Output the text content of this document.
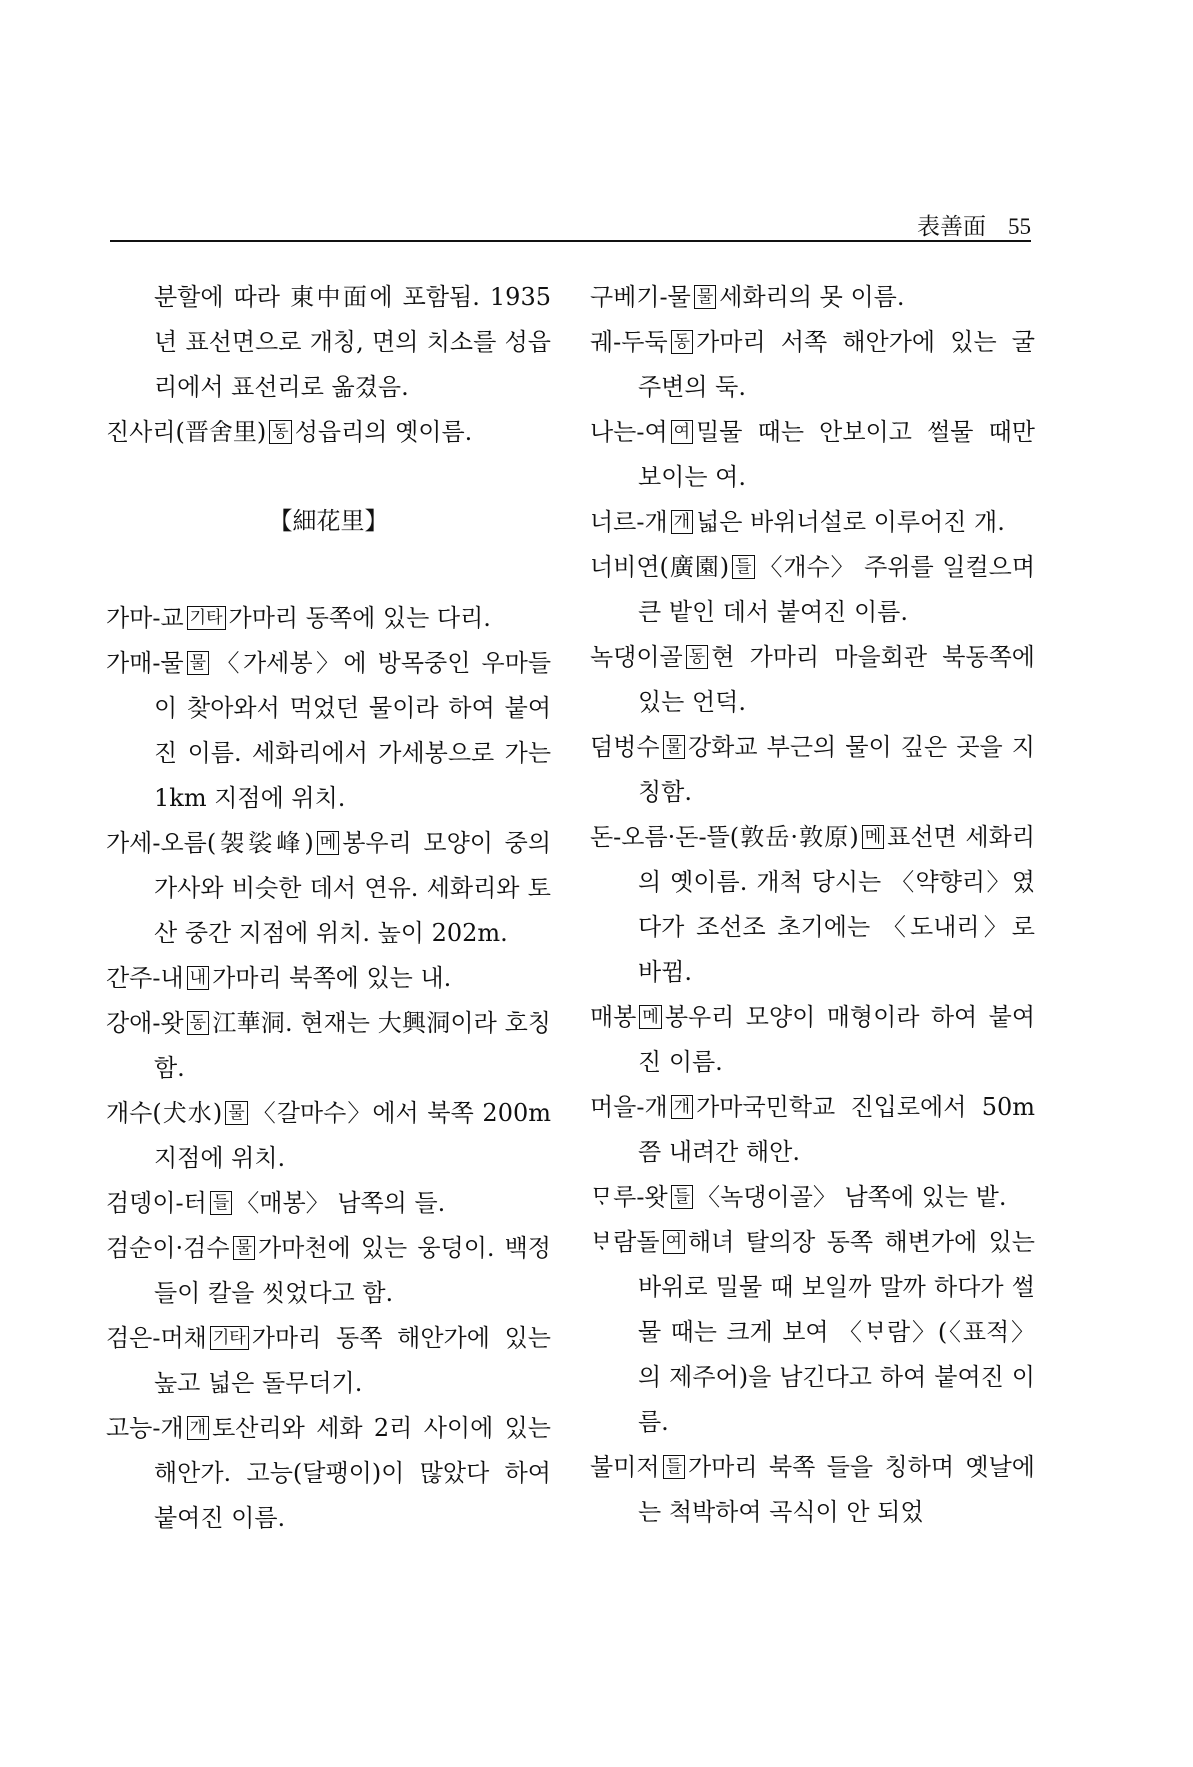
表善面 55

분할에 따라 東中面에 포함됨. 1935년 표선면으로 개칭, 면의 치소를 성읍리에서 표선리로 옮겼음.

진사리(晋舍里) 동 성읍리의 옛이름.

【細花里】

가마-교 기타 가마리 동쪽에 있는 다리.

가매-물 물 〈가세봉〉에 방목중인 우마들이 찾아와서 먹었던 물이라 하여 붙여진 이름. 세화리에서 가세봉으로 가는 1km 지점에 위치.

가세-오름(袈裟峰) 메 봉우리 모양이 중의 가사와 비슷한 데서 연유. 세화리와 토산 중간 지점에 위치. 높이 202m.

간주-내 내 가마리 북쪽에 있는 내.

강애-왓 동 江華洞. 현재는 大興洞이라 호칭함.

개수(犬水) 물 〈갈마수〉에서 북쪽 200m 지점에 위치.

검뎅이-터 들 〈매봉〉 남쪽의 들.

검순이·검수 물 가마천에 있는 웅덩이. 백정들이 칼을 씻었다고 함.

검은-머채 기타 가마리 동쪽 해안가에 있는 높고 넓은 돌무더기.

고능-개 개 토산리와 세화 2리 사이에 있는 해안가. 고능(달팽이)이 많았다 하여 붙여진 이름.

구베기-물 물 세화리의 못 이름.

궤-두둑 동 가마리 서쪽 해안가에 있는 굴 주변의 둑.

나는-여 여 밀물 때는 안보이고 썰물 때만 보이는 여.

너르-개 개 넓은 바위너설로 이루어진 개.

너비연(廣園) 들 〈개수〉 주위를 일컬으며 큰 밭인 데서 붙여진 이름.

녹댕이골 동 현 가마리 마을회관 북동쪽에 있는 언덕.

덤벙수 물 강화교 부근의 물이 깊은 곳을 지칭함.

돈-오름·돈-뜰(敦岳·敦原) 메 표선면 세화리의 옛이름. 개척 당시는 〈약향리〉였다가 조선조 초기에는 〈도내리〉로 바뀜.

매봉 메 봉우리 모양이 매형이라 하여 붙여진 이름.

머을-개 개 가마국민학교 진입로에서 50m쯤 내려간 해안.

ᄆᆞ루-왓 들 〈녹댕이골〉 남쪽에 있는 밭.

ᄇᆞ람돌 여 해녀 탈의장 동쪽 해변가에 있는 바위로 밀물 때 보일까 말까 하다가 썰물 때는 크게 보여 〈ᄇᆞ람〉(〈표적〉의 제주어)을 남긴다고 하여 붙여진 이름.

불미저 들 가마리 북쪽 들을 칭하며 옛날에는 척박하여 곡식이 안 되었
